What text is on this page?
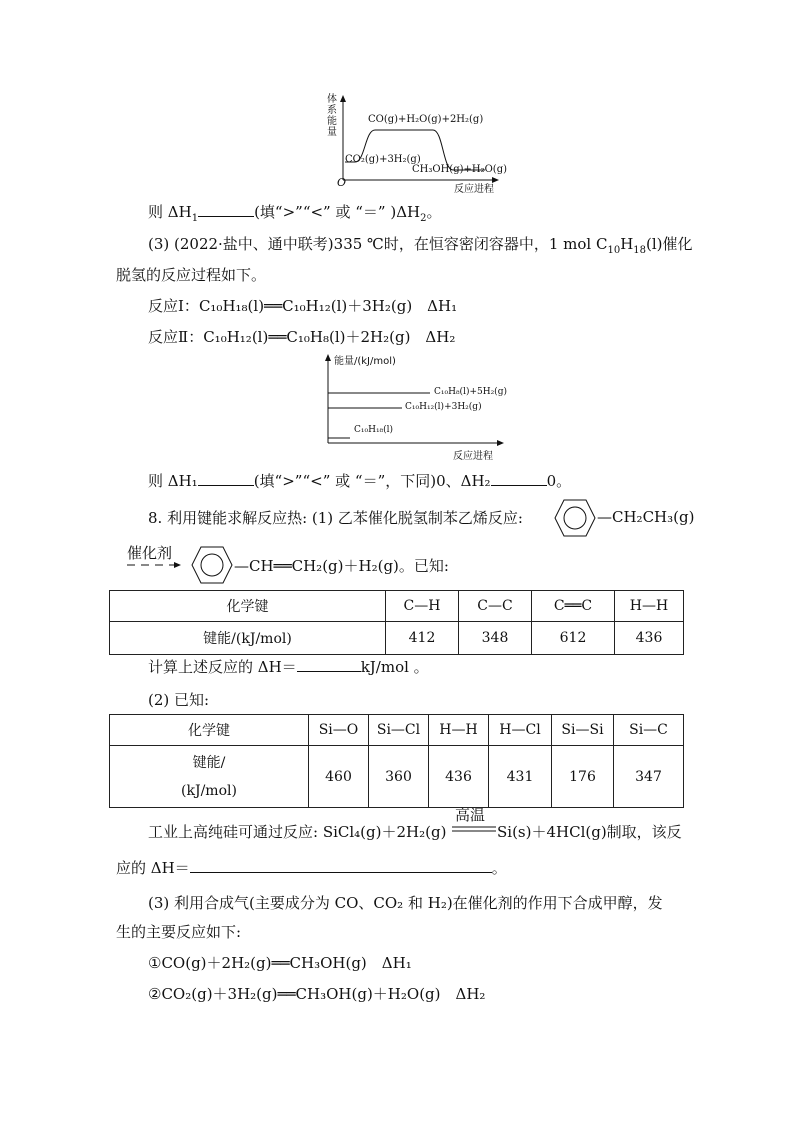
体系能量
CO(g)+H₂O(g)+2H₂(g)
CO₂(g)+3H₂(g)
CH₃OH(g)+H₂O(g)
O
反应进程
则 $\Delta H_1$	(填“>”“<” 或 “＝” )$\Delta H_2$。
(3) (2022·盐中、通中联考)335 ℃时，在恒容密闭容器中，1 mol $C_{10}H_{18}(l)$催化
脱氢的反应过程如下。
反应Ⅰ：C₁₀H₁₈(l)══C₁₀H₁₂(l)＋3H₂(g)　ΔH₁
反应Ⅱ：C₁₀H₁₂(l)══C₁₀H₈(l)＋2H₂(g)　ΔH₂
能量/(kJ/mol)
C₁₀H₈(l)+5H₂(g)
C₁₀H₁₂(l)+3H₂(g)
C₁₀H₁₈(l)
反应进程
则 ΔH₁	(填“>”“<” 或 “＝”，下同)0、ΔH₂	0。
8. 利用键能求解反应热: (1) 乙苯催化脱氢制苯乙烯反应:	—CH₂CH₃(g)
催化剂
—CH══CH₂(g)＋H₂(g)。已知:
化学键	C—H	C—C	C══C	H—H
键能/(kJ/mol)	412	348	612	436
计算上述反应的 ΔH＝	kJ/mol 。
(2) 已知:
化学键	Si—O	Si—Cl	H—H	H—Cl	Si—Si	Si—C

键能/
(kJ/mol)	460	360	436	431	176	347
工业上高纯硅可通过反应: SiCl₄(g)＋2H₂(g)
高温
Si(s)＋4HCl(g)制取，该反
应的 ΔH＝	。
(3) 利用合成气(主要成分为 CO、CO₂ 和 H₂)在催化剂的作用下合成甲醇，发
生的主要反应如下:
①CO(g)＋2H₂(g)══CH₃OH(g)　ΔH₁
②CO₂(g)＋3H₂(g)══CH₃OH(g)＋H₂O(g)　ΔH₂
